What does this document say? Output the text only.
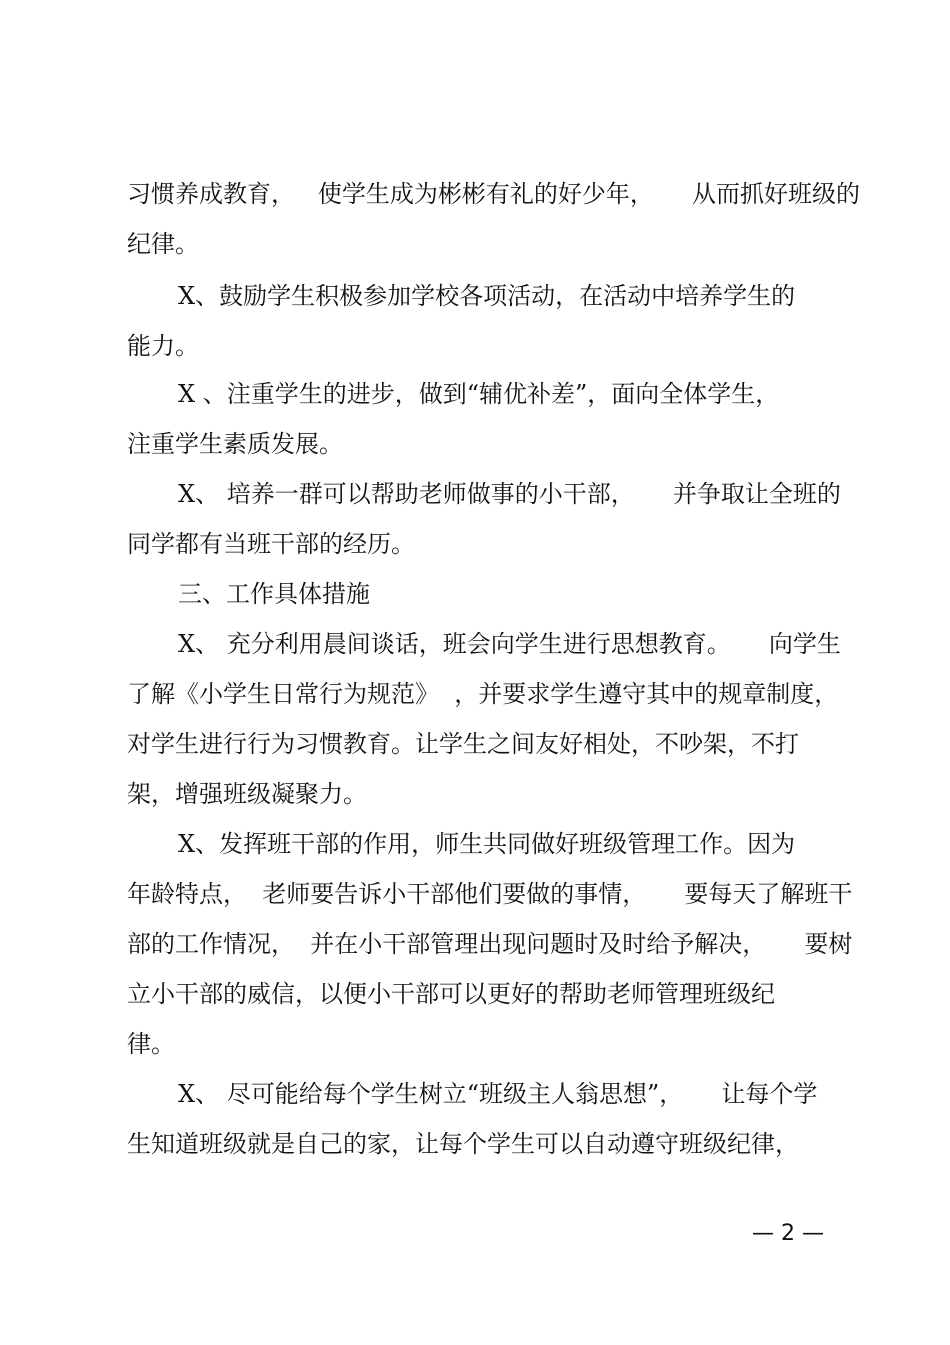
习惯养成教育，   使学生成为彬彬有礼的好少年，     从而抓好班级的
纪律。
X、鼓励学生积极参加学校各项活动，在活动中培养学生的
能力。
X 、注重学生的进步，做到“辅优补差”，面向全体学生，
注重学生素质发展。
X、 培养一群可以帮助老师做事的小干部，     并争取让全班的
同学都有当班干部的经历。
三、工作具体措施
X、 充分利用晨间谈话，班会向学生进行思想教育。     向学生
了解《小学生日常行为规范》  ，并要求学生遵守其中的规章制度，
对学生进行行为习惯教育。让学生之间友好相处，不吵架，不打
架，增强班级凝聚力。
X、发挥班干部的作用，师生共同做好班级管理工作。因为
年龄特点，  老师要告诉小干部他们要做的事情，     要每天了解班干
部的工作情况，  并在小干部管理出现问题时及时给予解决，     要树
立小干部的威信，以便小干部可以更好的帮助老师管理班级纪
律。
X、 尽可能给每个学生树立“班级主人翁思想”，     让每个学
生知道班级就是自己的家，让每个学生可以自动遵守班级纪律，
— 2 —
